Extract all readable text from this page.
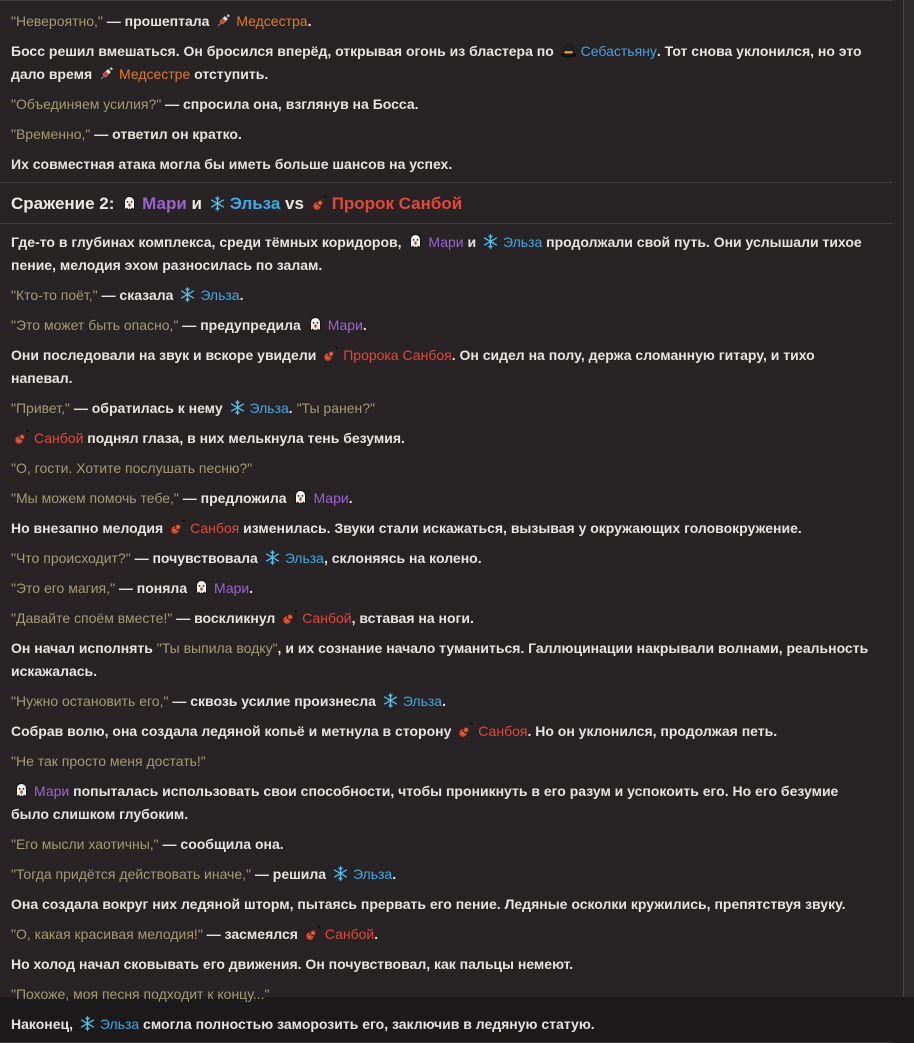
"Невероятно," — прошептала
Медсестра.

Босс решил вмешаться. Он бросился вперёд, открывая огонь из бластера по
Себастьяну. Тот снова уклонился, но это дало время
Медсестре отступить.

"Объединяем усилия?" — спросила она, взглянув на Босса.

"Временно," — ответил он кратко.

Их совместная атака могла бы иметь больше шансов на успех.

Сражение 2:
Мари и
Эльза vs
Пророк Санбой

Где-то в глубинах комплекса, среди тёмных коридоров,
Мари и
Эльза продолжали свой путь. Они услышали тихое пение, мелодия эхом разносилась по залам.

"Кто-то поёт," — сказала
Эльза.

"Это может быть опасно," — предупредила
Мари.

Они последовали на звук и вскоре увидели
Пророка Санбоя. Он сидел на полу, держа сломанную гитару, и тихо напевал.

"Привет," — обратилась к нему
Эльза. "Ты ранен?"

Санбой поднял глаза, в них мелькнула тень безумия.

"О, гости. Хотите послушать песню?"

"Мы можем помочь тебе," — предложила
Мари.

Но внезапно мелодия
Санбоя изменилась. Звуки стали искажаться, вызывая у окружающих головокружение.

"Что происходит?" — почувствовала
Эльза, склоняясь на колено.

"Это его магия," — поняла
Мари.

"Давайте споём вместе!" — воскликнул
Санбой, вставая на ноги.

Он начал исполнять "Ты выпила водку", и их сознание начало туманиться. Галлюцинации накрывали волнами, реальность искажалась.

"Нужно остановить его," — сквозь усилие произнесла
Эльза.

Собрав волю, она создала ледяной копьё и метнула в сторону
Санбоя. Но он уклонился, продолжая петь.

"Не так просто меня достать!"

Мари попыталась использовать свои способности, чтобы проникнуть в его разум и успокоить его. Но его безумие было слишком глубоким.

"Его мысли хаотичны," — сообщила она.

"Тогда придётся действовать иначе," — решила
Эльза.

Она создала вокруг них ледяной шторм, пытаясь прервать его пение. Ледяные осколки кружились, препятствуя звуку.

"О, какая красивая мелодия!" — засмеялся
Санбой.

Но холод начал сковывать его движения. Он почувствовал, как пальцы немеют.

"Похоже, моя песня подходит к концу..."

Наконец,
Эльза смогла полностью заморозить его, заключив в ледяную статую.
